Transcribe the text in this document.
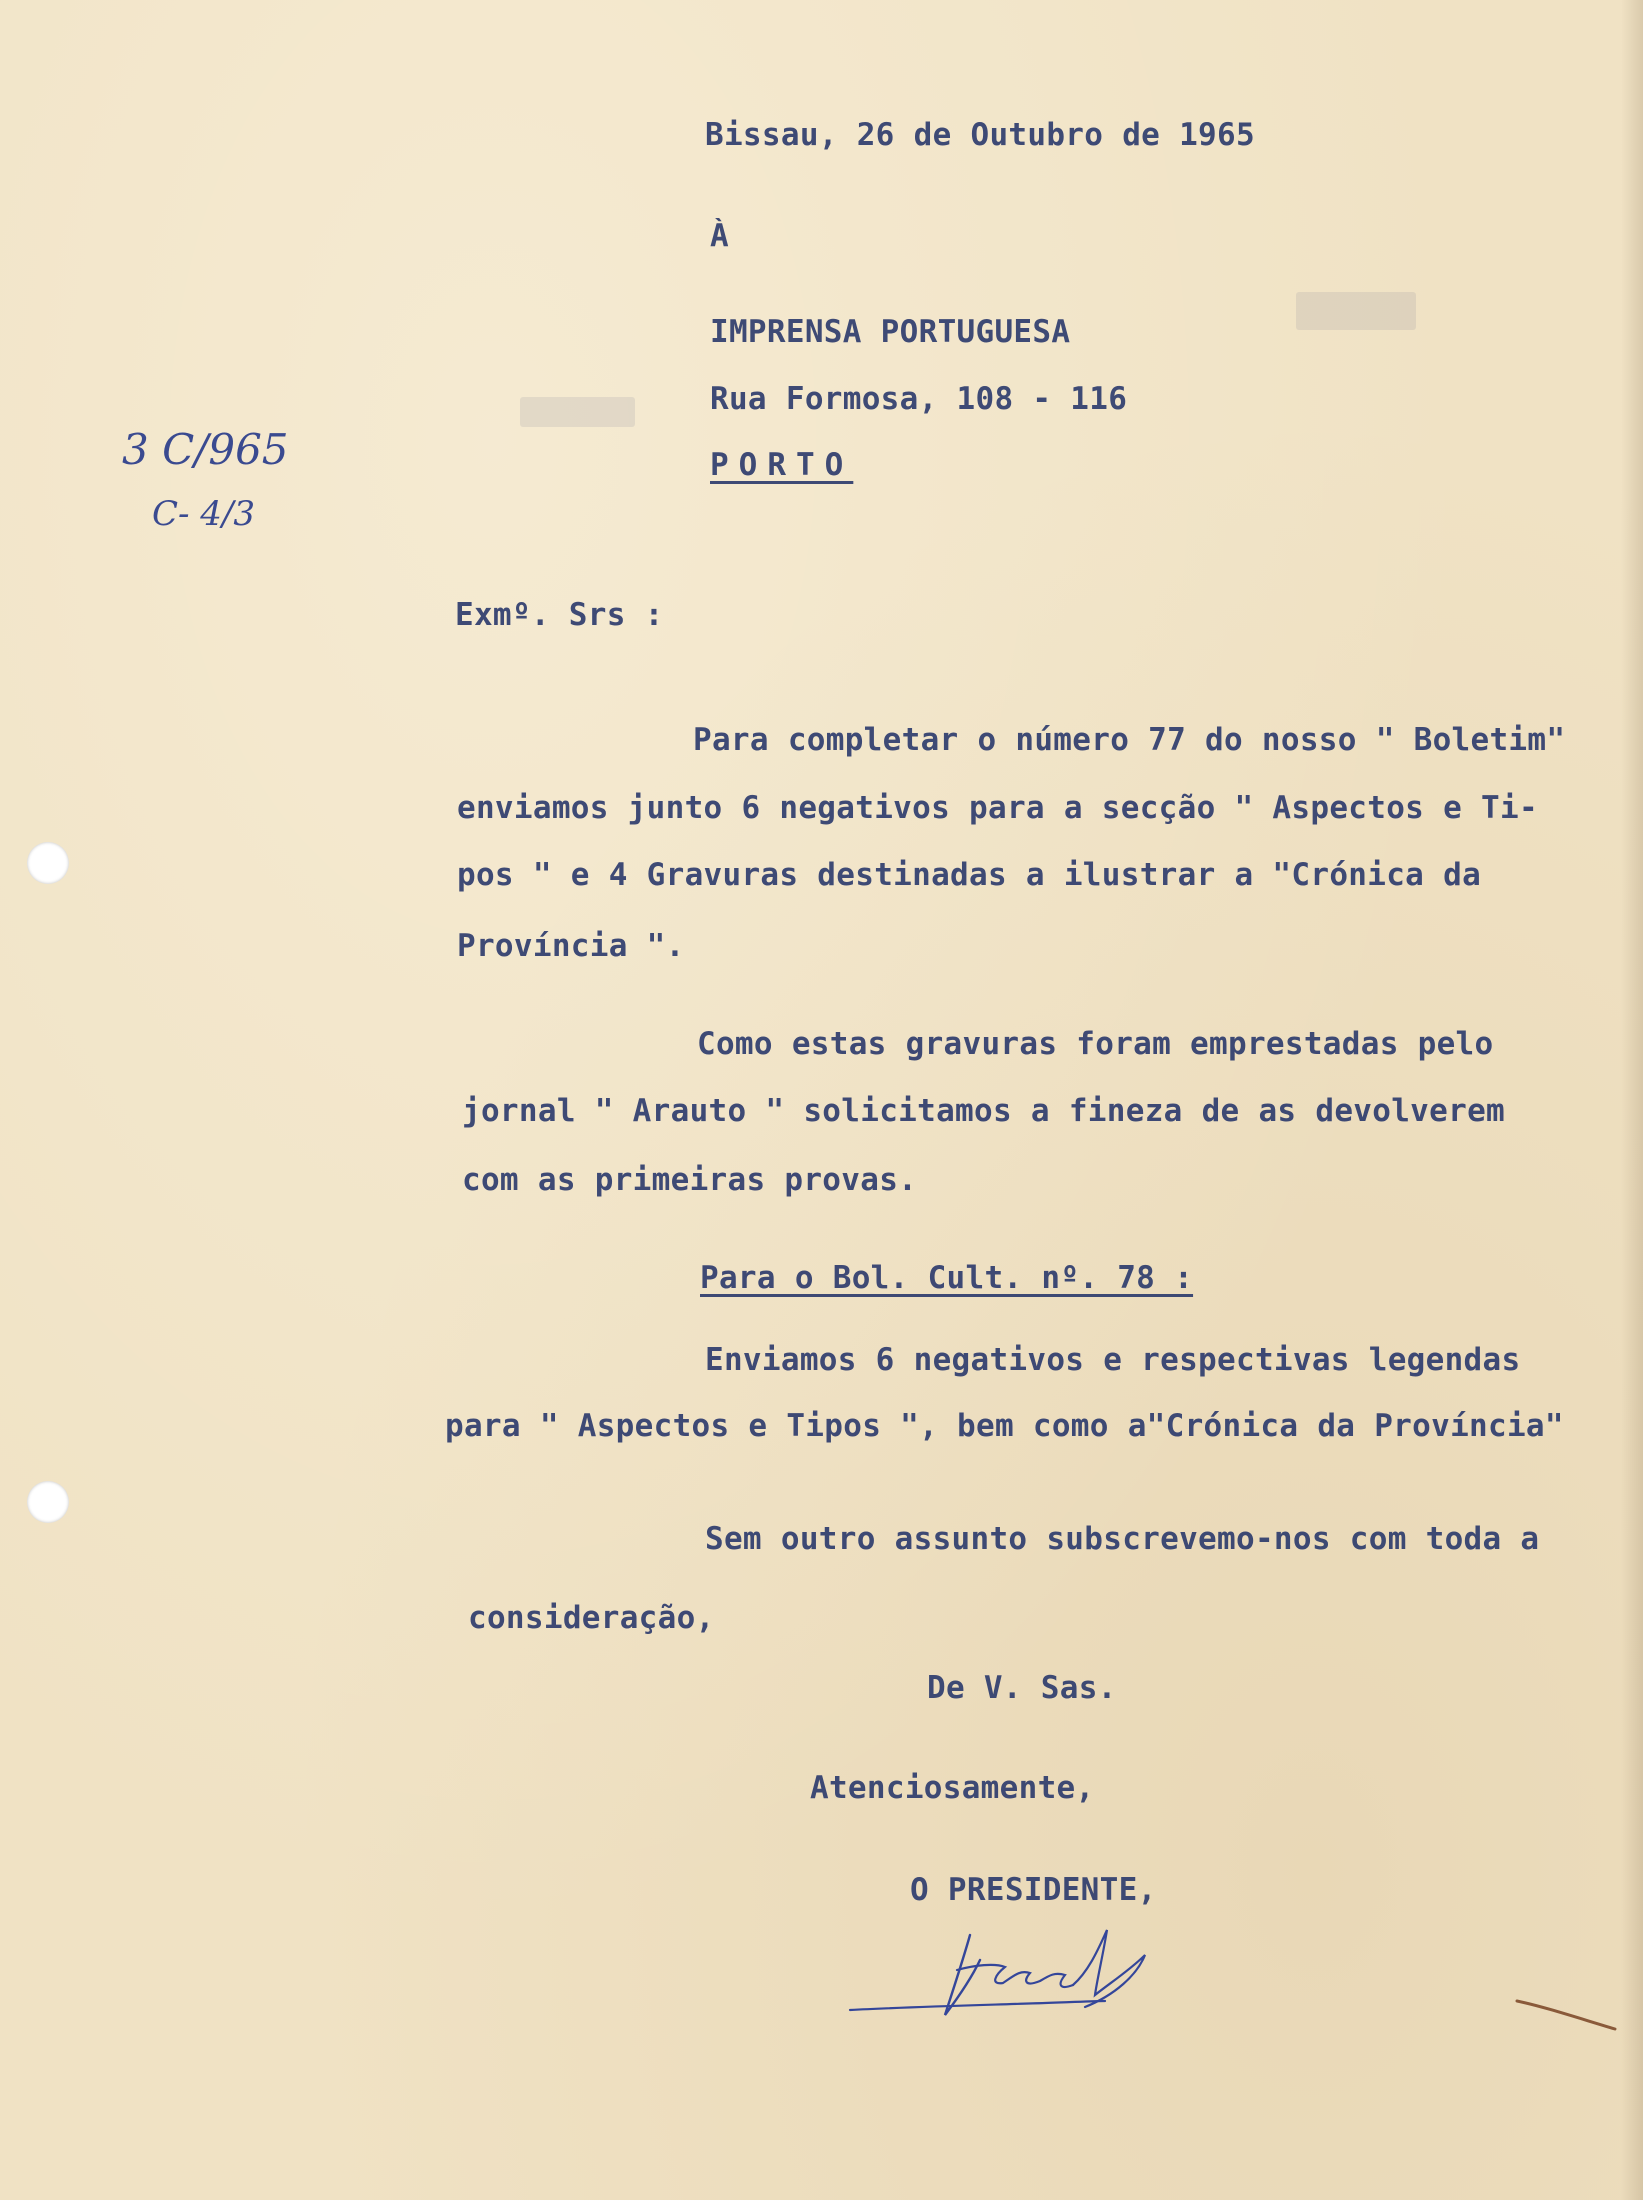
Bissau, 26 de Outubro de 1965
À
IMPRENSA PORTUGUESA
Rua Formosa, 108 - 116
PORTO
3 C/965
C- 4/3
Exmº. Srs :
Para completar o número 77 do nosso " Boletim"
enviamos junto 6 negativos para a secção " Aspectos e Ti-
pos " e 4 Gravuras destinadas a ilustrar a "Crónica da
Província ".
Como estas gravuras foram emprestadas pelo
jornal " Arauto " solicitamos a fineza de as devolverem
com as primeiras provas.
Para o Bol. Cult. nº. 78 :
Enviamos 6 negativos e respectivas legendas
para " Aspectos e Tipos ", bem como a"Crónica da Província"
Sem outro assunto subscrevemo-nos com toda a
consideração,
De V. Sas.
Atenciosamente,
O PRESIDENTE,
